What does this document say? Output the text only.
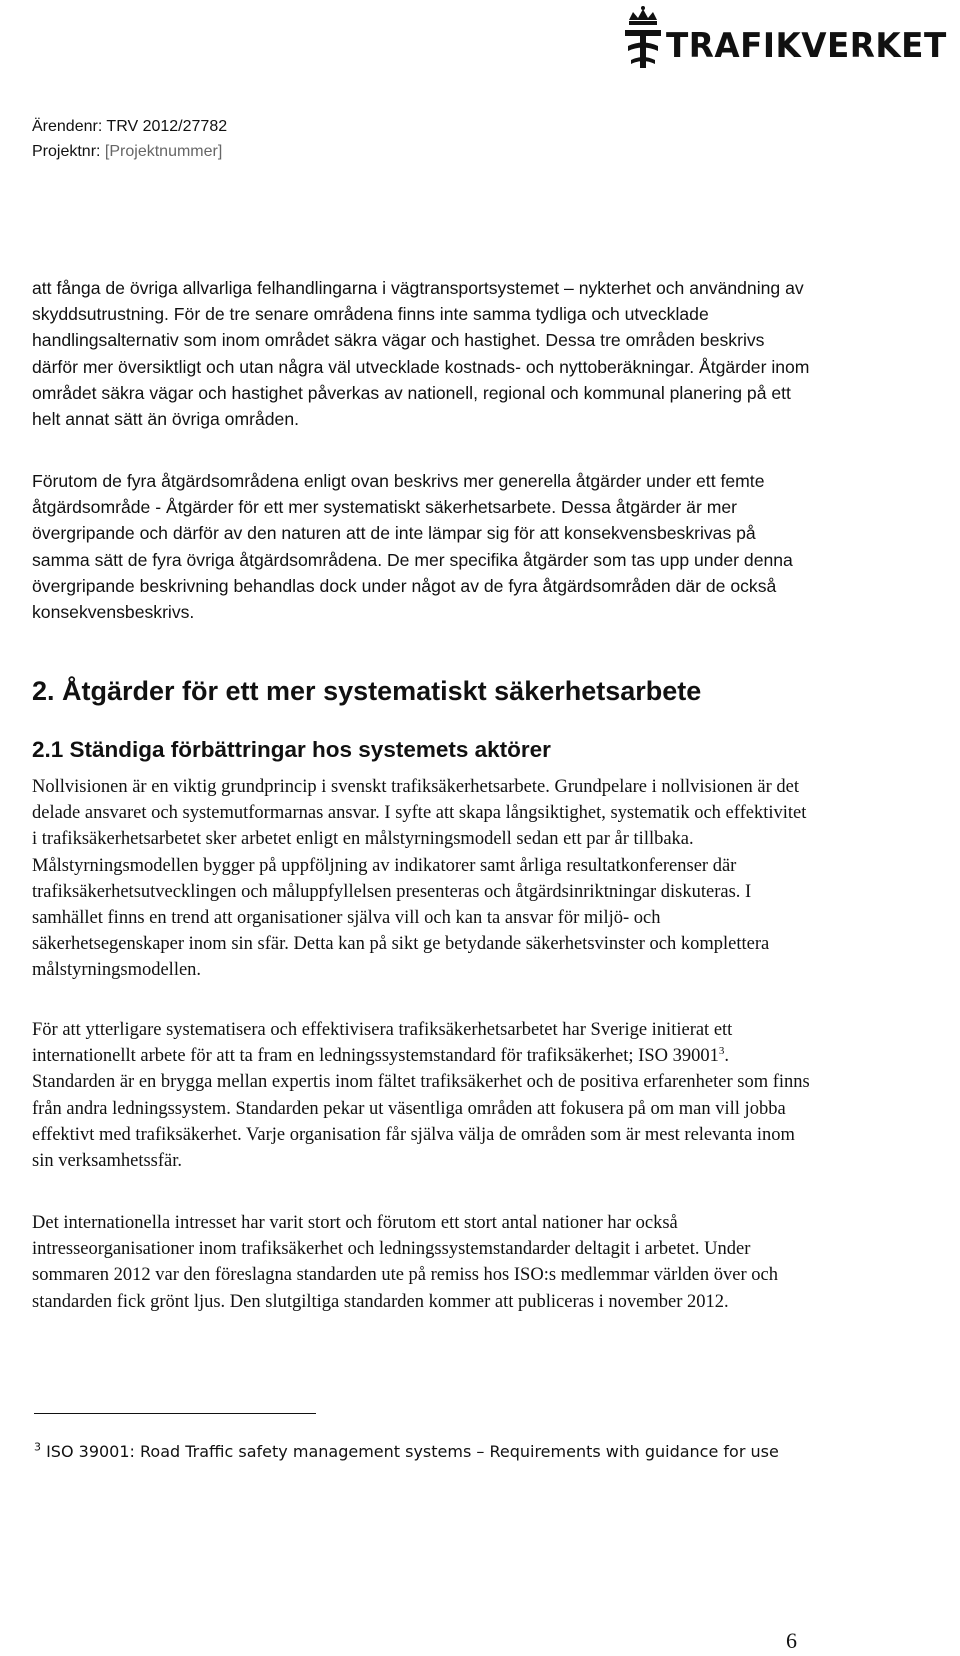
TRAFIKVERKET
Ärendenr: TRV 2012/27782
Projektnr: [Projektnummer]

att fånga de övriga allvarliga felhandlingarna i vägtransportsystemet – nykterhet och användning av skyddsutrustning. För de tre senare områdena finns inte samma tydliga och utvecklade handlingsalternativ som inom området säkra vägar och hastighet. Dessa tre områden beskrivs därför mer översiktligt och utan några väl utvecklade kostnads- och nyttoberäkningar. Åtgärder inom området säkra vägar och hastighet påverkas av nationell, regional och kommunal planering på ett helt annat sätt än övriga områden.

Förutom de fyra åtgärdsområdena enligt ovan beskrivs mer generella åtgärder under ett femte åtgärdsområde - Åtgärder för ett mer systematiskt säkerhetsarbete. Dessa åtgärder är mer övergripande och därför av den naturen att de inte lämpar sig för att konsekvensbeskrivas på samma sätt de fyra övriga åtgärdsområdena. De mer specifika åtgärder som tas upp under denna övergripande beskrivning behandlas dock under något av de fyra åtgärdsområden där de också konsekvensbeskrivs.

2. Åtgärder för ett mer systematiskt säkerhetsarbete
2.1 Ständiga förbättringar hos systemets aktörer

Nollvisionen är en viktig grundprincip i svenskt trafiksäkerhetsarbete. Grundpelare i nollvisionen är det delade ansvaret och systemutformarnas ansvar. I syfte att skapa långsiktighet, systematik och effektivitet i trafiksäkerhetsarbetet sker arbetet enligt en målstyrningsmodell sedan ett par år tillbaka. Målstyrningsmodellen bygger på uppföljning av indikatorer samt årliga resultatkonferenser där trafiksäkerhetsutvecklingen och måluppfyllelsen presenteras och åtgärdsinriktningar diskuteras. I samhället finns en trend att organisationer själva vill och kan ta ansvar för miljö- och säkerhetsegenskaper inom sin sfär. Detta kan på sikt ge betydande säkerhetsvinster och komplettera målstyrningsmodellen.

För att ytterligare systematisera och effektivisera trafiksäkerhetsarbetet har Sverige initierat ett internationellt arbete för att ta fram en ledningssystemstandard för trafiksäkerhet; ISO 39001$^3$. Standarden är en brygga mellan expertis inom fältet trafiksäkerhet och de positiva erfarenheter som finns från andra ledningssystem. Standarden pekar ut väsentliga områden att fokusera på om man vill jobba effektivt med trafiksäkerhet. Varje organisation får själva välja de områden som är mest relevanta inom sin verksamhetssfär.

Det internationella intresset har varit stort och förutom ett stort antal nationer har också intresseorganisationer inom trafiksäkerhet och ledningssystemstandarder deltagit i arbetet. Under sommaren 2012 var den föreslagna standarden ute på remiss hos ISO:s medlemmar världen över och standarden fick grönt ljus. Den slutgiltiga standarden kommer att publiceras i november 2012.

$^3$ ISO 39001: Road Traffic safety management systems – Requirements with guidance for use
6
